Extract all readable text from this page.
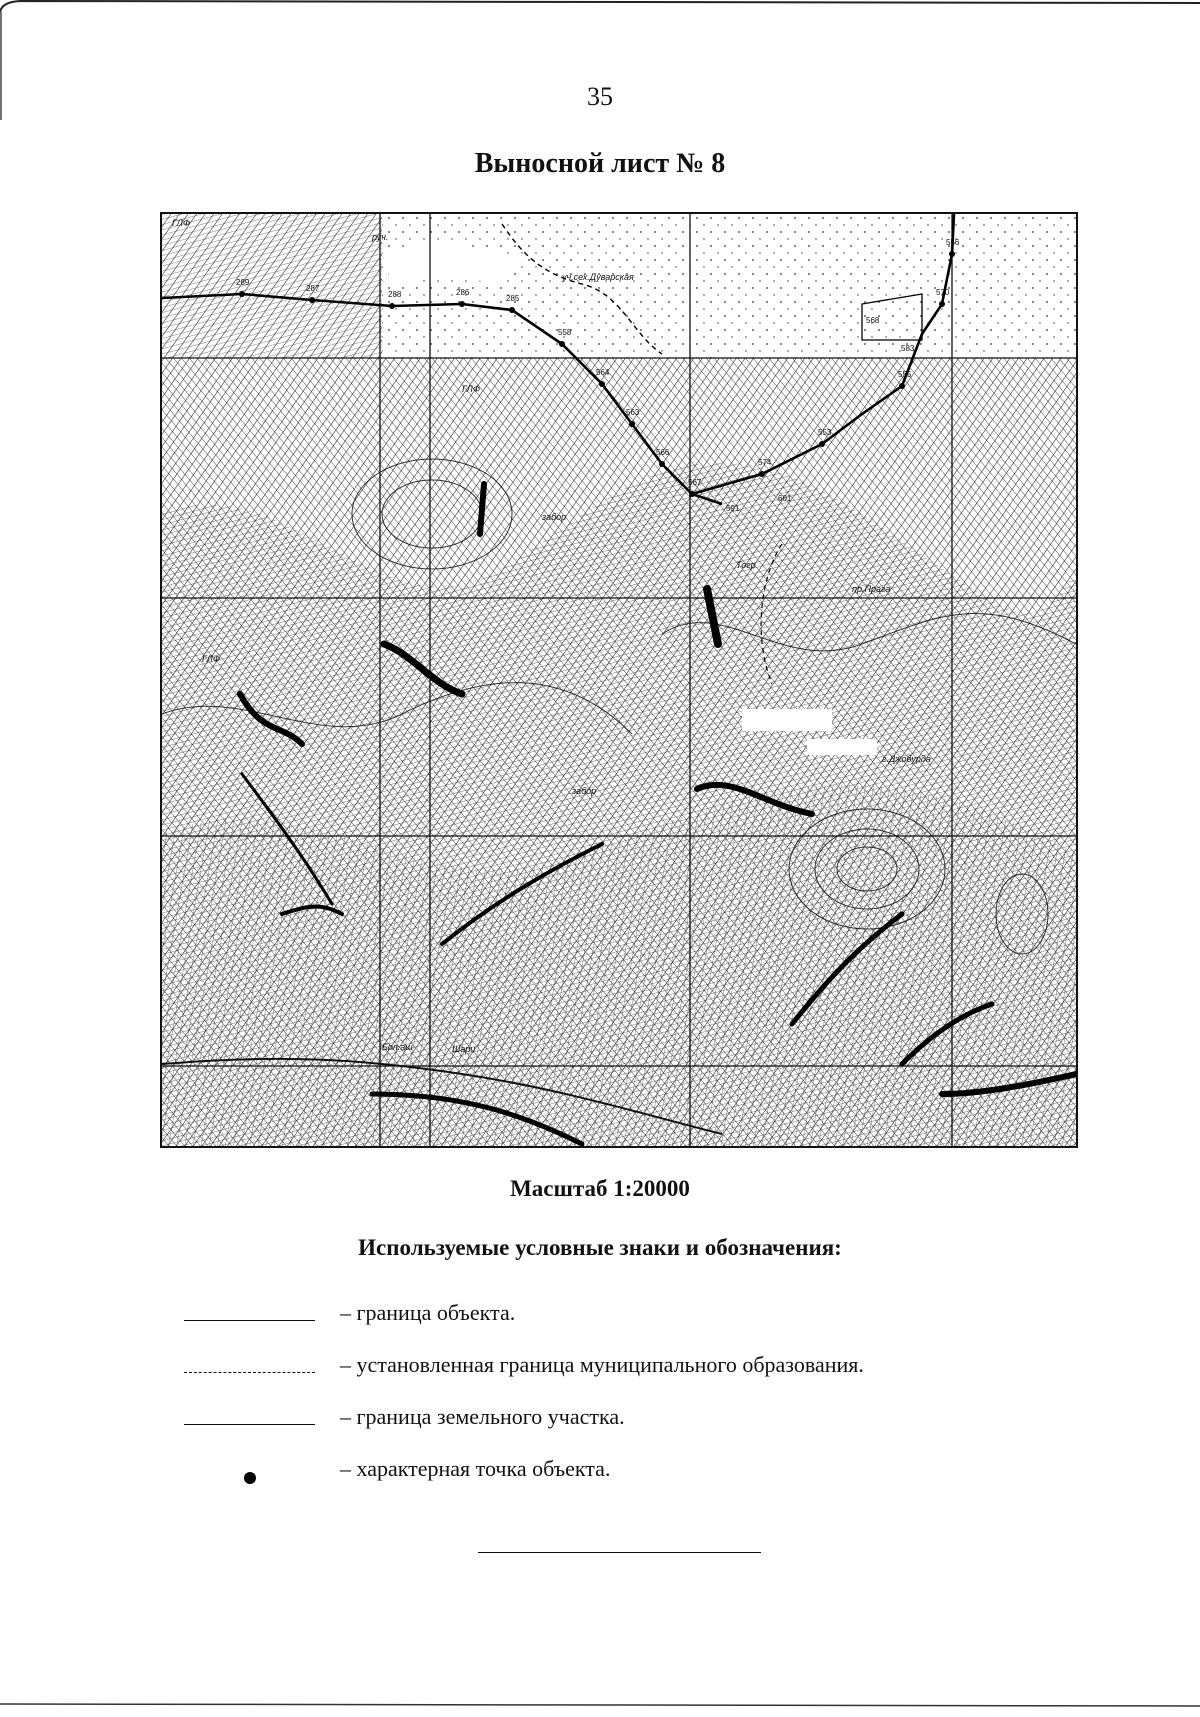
35
Выносной лист № 8
уч.сех.Дуварская
ГЛФ
ГЛФ
ГЛФ
руч.
Тогр
пр.Прага
г.Джобурда
Шари
забор
забор
Бол.аш
289
287
288	286
285
558
564
563
566
567
574
553
555
570
556
568
583
591
601
Масштаб 1:20000
Используемые условные знаки и обозначения:
– граница объекта.
– установленная граница муниципального образования.
– граница земельного участка.
– характерная точка объекта.
